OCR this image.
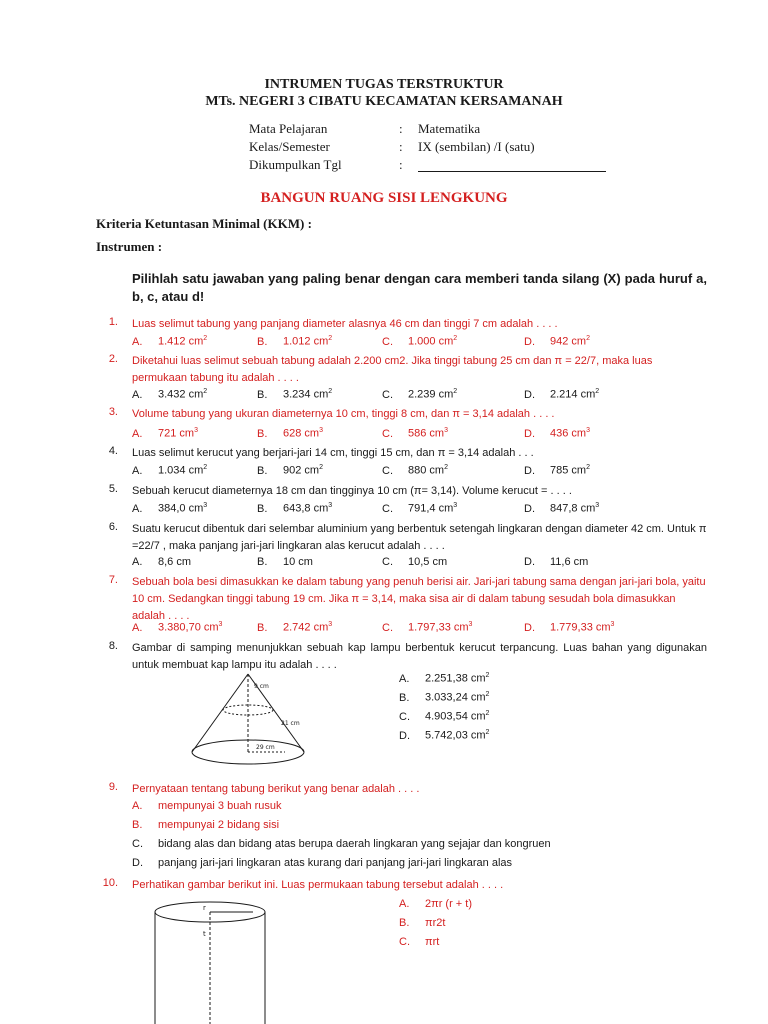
INTRUMEN TUGAS TERSTRUKTUR
MTs. NEGERI 3 CIBATU KECAMATAN KERSAMANAH
Mata Pelajaran	: Matematika
Kelas/Semester	: IX (sembilan) /I (satu)
Dikumpulkan Tgl	:
BANGUN RUANG SISI LENGKUNG
Kriteria Ketuntasan Minimal (KKM) :
Instrumen :
Pilihlah satu jawaban yang paling benar dengan cara memberi tanda silang (X) pada huruf a, b, c, atau d!
1. Luas selimut tabung yang panjang diameter alasnya 46 cm dan tinggi 7 cm adalah . . . .
A. 1.412 $cm^2$	B. 1.012 $cm^2$	C. 1.000 $cm^2$	D. 942 $cm^2$
2. Diketahui luas selimut sebuah tabung adalah 2.200 cm2. Jika tinggi tabung 25 cm dan π = 22/7, maka luas permukaan tabung itu adalah . . . .
A. 3.432 $cm^2$	B. 3.234 $cm^2$	C. 2.239 $cm^2$	D. 2.214 $cm^2$
3. Volume tabung yang ukuran diameternya 10 cm, tinggi 8 cm, dan π = 3,14 adalah . . . .
A. 721 $cm^3$	B. 628 $cm^3$	C. 586 $cm^3$	D. 436 $cm^3$
4. Luas selimut kerucut yang berjari-jari 14 cm, tinggi 15 cm, dan π = 3,14 adalah . . .
A. 1.034 $cm^2$	B. 902 $cm^2$	C. 880 $cm^2$	D. 785 $cm^2$
5. Sebuah kerucut diameternya 18 cm dan tingginya 10 cm (π= 3,14). Volume kerucut = . . . .
A. 384,0 $cm^3$	B. 643,8 $cm^3$	C. 791,4 $cm^3$	D. 847,8 $cm^3$
6. Suatu kerucut dibentuk dari selembar aluminium yang berbentuk setengah lingkaran dengan diameter 42 cm. Untuk π =22/7 , maka panjang jari-jari lingkaran alas kerucut adalah . . . .
A. 8,6 cm	B. 10 cm	C. 10,5 cm	D. 11,6 cm
7. Sebuah bola besi dimasukkan ke dalam tabung yang penuh berisi air. Jari-jari tabung sama dengan jari-jari bola, yaitu 10 cm. Sedangkan tinggi tabung 19 cm. Jika π = 3,14, maka sisa air di dalam tabung sesudah bola dimasukkan adalah . . . .
A. 3.380,70 $cm^3$	B. 2.742 $cm^3$	C. 1.797,33 $cm^3$	D. 1.779,33 $cm^3$
8. Gambar di samping menunjukkan sebuah kap lampu berbentuk kerucut terpancung. Luas bahan yang digunakan untuk membuat kap lampu itu adalah . . . .
9 cm
21 cm
29 cm
A. 2.251,38 $cm^2$
B. 3.033,24 $cm^2$
C. 4.903,54 $cm^2$
D. 5.742,03 $cm^2$
9. Pernyataan tentang tabung berikut yang benar adalah . . . .
A. mempunyai 3 buah rusuk
B. mempunyai 2 bidang sisi
C. bidang alas dan bidang atas berupa daerah lingkaran yang sejajar dan kongruen
D. panjang jari-jari lingkaran atas kurang dari panjang jari-jari lingkaran alas
10. Perhatikan gambar berikut ini. Luas permukaan tabung tersebut adalah . . . .
r
t
A. 2πr (r + t)
B. πr2t
C. πrt
